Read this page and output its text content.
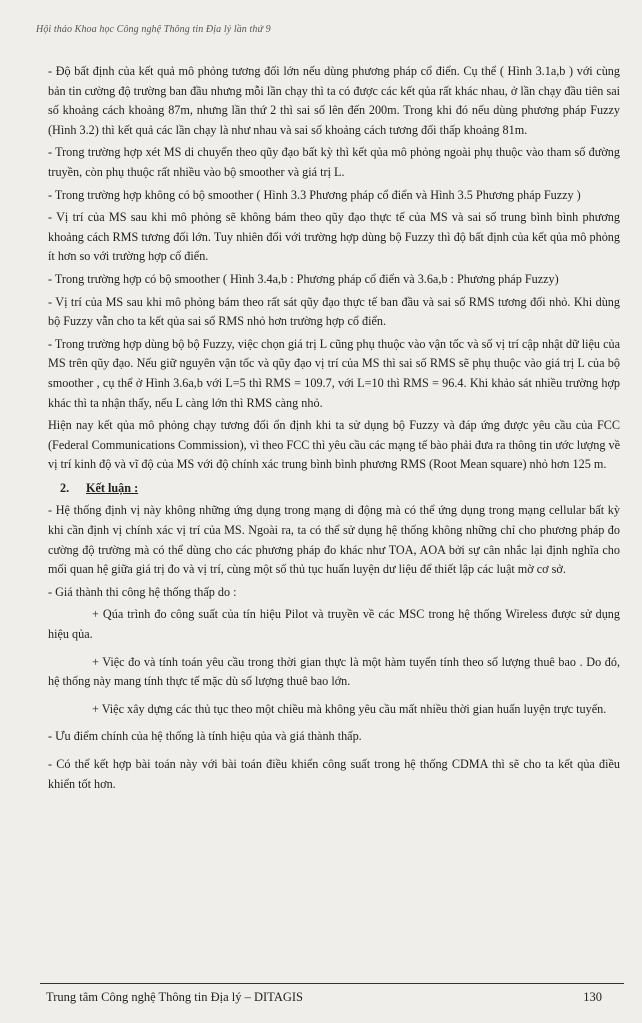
Hội thảo Khoa học Công nghệ Thông tin Địa lý lần thứ 9

- Độ bất định của kết quả mô phỏng tương đối lớn nếu dùng phương pháp cổ điển. Cụ thể ( Hình 3.1a,b ) với cùng bản tin cường độ trường ban đầu nhưng mỗi lần chạy thì ta có được các kết qủa rất khác nhau, ở lần chạy đầu tiên sai số khoảng cách khoảng 87m, nhưng lần thứ 2 thì sai số lên đến 200m. Trong khi đó nếu dùng phương pháp Fuzzy (Hình 3.2) thì kết quả các lần chạy là như nhau và sai số khoảng cách tương đối thấp khoảng 81m.

- Trong trường hợp xét MS di chuyển theo qũy đạo bất kỳ thì kết qủa mô phỏng ngoài phụ thuộc vào tham số đường truyền, còn phụ thuộc rất nhiều vào bộ smoother và giá trị L.

- Trong trường hợp không có bộ smoother ( Hình 3.3 Phương pháp cổ điển và Hình 3.5 Phương pháp Fuzzy )

- Vị trí của MS sau khi mô phỏng sẽ không bám theo qũy đạo thực tế của MS và sai số trung bình bình phương khoảng cách RMS tương đối lớn. Tuy nhiên đối với trường hợp dùng bộ Fuzzy thì độ bất định của kết qủa mô phỏng ít hơn so với trường hợp cổ điển.

- Trong trường hợp có bộ smoother ( Hình 3.4a,b : Phương pháp cổ điển và 3.6a,b : Phương pháp Fuzzy)

- Vị trí của MS sau khi mô phỏng bám theo rất sát qũy đạo thực tế ban đầu và sai số RMS tương đối nhỏ. Khi dùng bộ Fuzzy vẫn cho ta kết qủa sai số RMS nhỏ hơn trường hợp cổ điển.

- Trong trường hợp dùng bộ bộ Fuzzy, việc chọn giá trị L cũng phụ thuộc vào vận tốc và số vị trí cập nhật dữ liệu của MS trên qũy đạo. Nếu giữ nguyên vận tốc và qũy đạo vị trí của MS thì sai số RMS sẽ phụ thuộc vào giá trị L của bộ smoother , cụ thể ở Hình 3.6a,b với L=5 thì RMS = 109.7, với L=10 thì RMS = 96.4. Khi khảo sát nhiều trường hợp khác thì ta nhận thấy, nếu L càng lớn thì RMS càng nhỏ.

Hiện nay kết qủa mô phỏng chạy tương đối ổn định khi ta sử dụng bộ Fuzzy và đáp ứng được yêu cầu của FCC (Federal Communications Commission), vì theo FCC thì yêu cầu các mạng tế bào phải đưa ra thông tin ước lượng về vị trí kinh độ và vĩ độ của MS với độ chính xác trung bình bình phương RMS (Root Mean square) nhỏ hơn 125 m.

2. Kết luận :

- Hệ thống định vị này không những ứng dụng trong mạng di động mà có thể ứng dụng trong mạng cellular bất kỳ khi cần định vị chính xác vị trí của MS. Ngoài ra, ta có thể sử dụng hệ thống không những chỉ cho phương pháp đo cường độ trường mà có thể dùng cho các phương pháp đo khác như TOA, AOA bởi sự cân nhắc lại định nghĩa cho mối quan hệ giữa giá trị đo và vị trí, cùng một số thủ tục huấn luyện dư liệu để thiết lập các luật mờ cơ sở.

- Giá thành thi công hệ thống thấp do :

+ Qúa trình đo công suất của tín hiệu Pilot và truyền về các MSC trong hệ thống Wireless được sử dụng hiệu qủa.

+ Việc đo và tính toán yêu cầu trong thời gian thực là một hàm tuyến tính theo số lượng thuê bao . Do đó, hệ thống này mang tính thực tế mặc dù số lượng thuê bao lớn.

+ Việc xây dựng các thủ tục theo một chiều mà không yêu cầu mất nhiều thời gian huấn luyện trực tuyến.

- Ưu điểm chính của hệ thống là tính hiệu qủa và giá thành thấp.

- Có thể kết hợp bài toán này với bài toán điều khiển công suất trong hệ thống CDMA thì sẽ cho ta kết qủa điều khiển tốt hơn.

Trung tâm Công nghệ Thông tin Địa lý – DITAGIS	130
